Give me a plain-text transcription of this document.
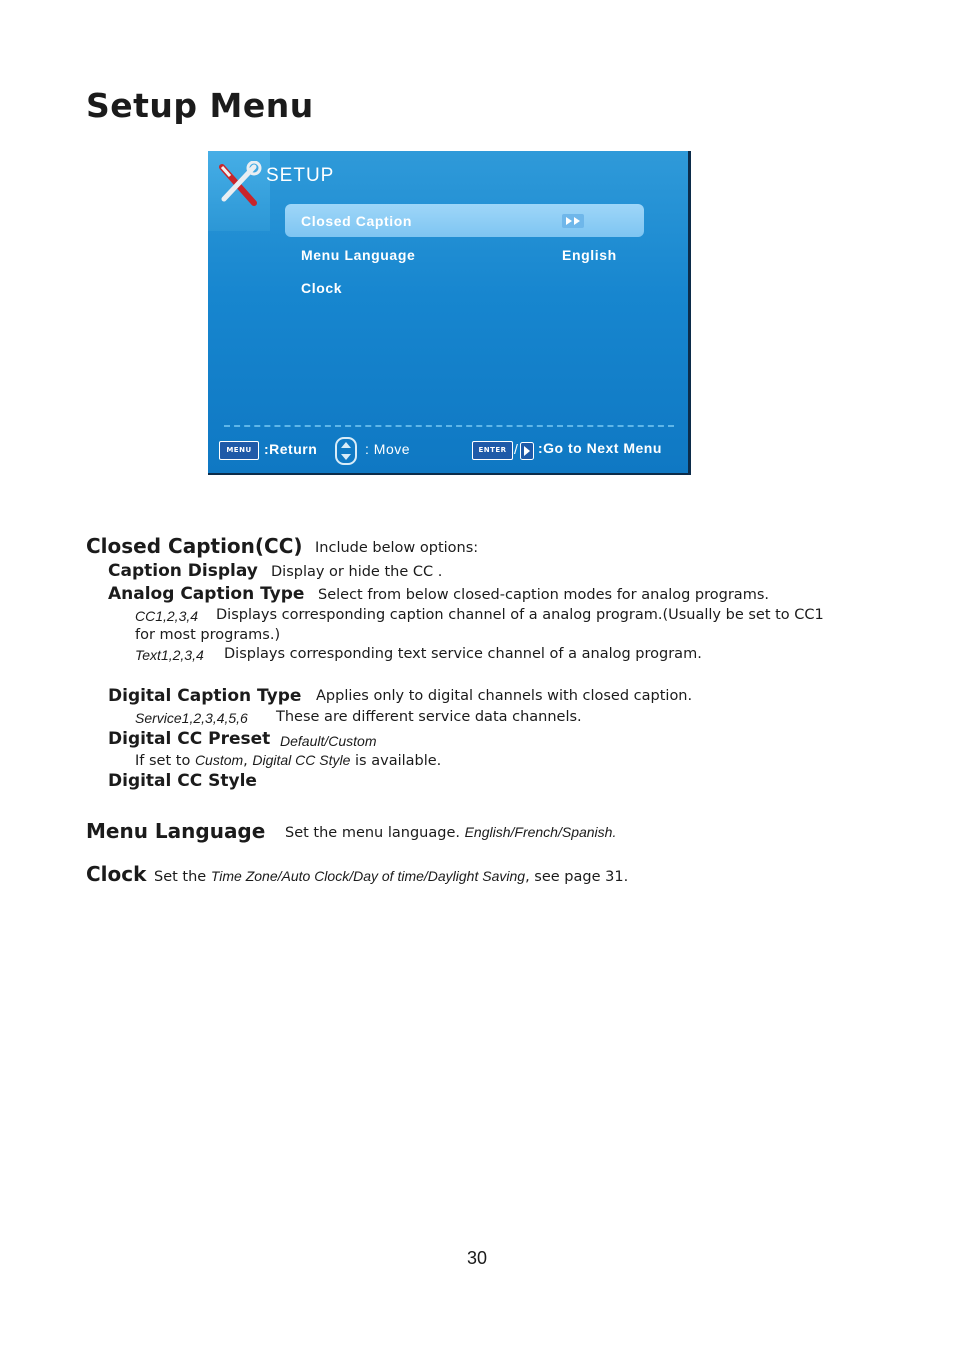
Setup Menu
SETUP
Closed Caption
Menu Language	English
Clock
MENU :Return	: Move	ENTER / :Go to Next Menu
Closed Caption(CC) Include below options:
Caption Display Display or hide the CC .
Analog Caption Type Select from below closed-caption modes for analog programs.
CC1,2,3,4 Displays corresponding caption channel of a analog program.(Usually be set to CC1
for most programs.)
Text1,2,3,4 Displays corresponding text service channel of a analog program.
Digital Caption Type Applies only to digital channels with closed caption.
Service1,2,3,4,5,6 These are different service data channels.
Digital CC Preset Default/Custom
If set to Custom, Digital CC Style is available.
Digital CC Style
Menu Language Set the menu language. English/French/Spanish.
Clock Set the Time Zone/Auto Clock/Day of time/Daylight Saving, see page 31.
30
